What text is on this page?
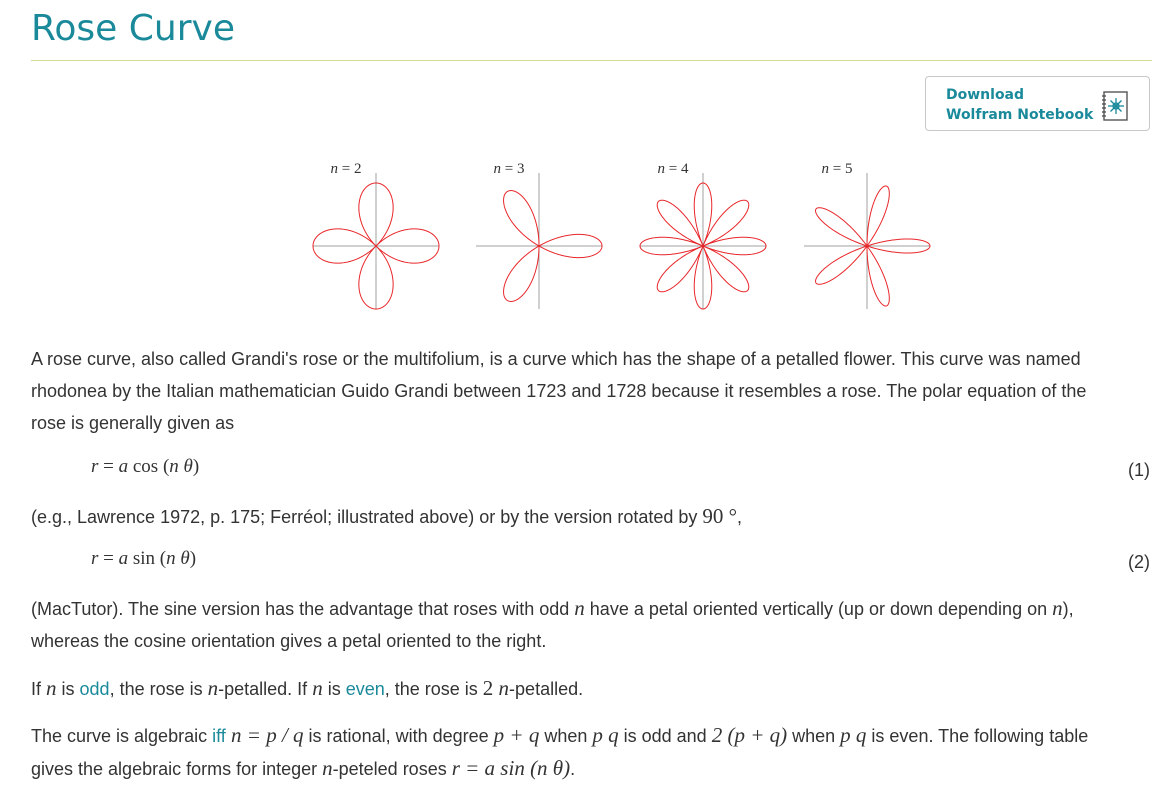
Rose Curve
Download
Wolfram Notebook
n = 2	n = 3	n = 4	n = 5
A rose curve, also called Grandi's rose or the multifolium, is a curve which has the shape of a petalled flower. This curve was named
rhodonea by the Italian mathematician Guido Grandi between 1723 and 1728 because it resembles a rose. The polar equation of the
rose is generally given as
r = a cos (n θ)	(1)
(e.g., Lawrence 1972, p. 175; Ferréol; illustrated above) or by the version rotated by 90 °,
r = a sin (n θ)	(2)
(MacTutor). The sine version has the advantage that roses with odd n have a petal oriented vertically (up or down depending on n),
whereas the cosine orientation gives a petal oriented to the right.
If n is odd, the rose is n-petalled. If n is even, the rose is 2 n-petalled.
The curve is algebraic iff n = p / q is rational, with degree p + q when p q is odd and 2 (p + q) when p q is even. The following table
gives the algebraic forms for integer n-peteled roses r = a sin (n θ).
